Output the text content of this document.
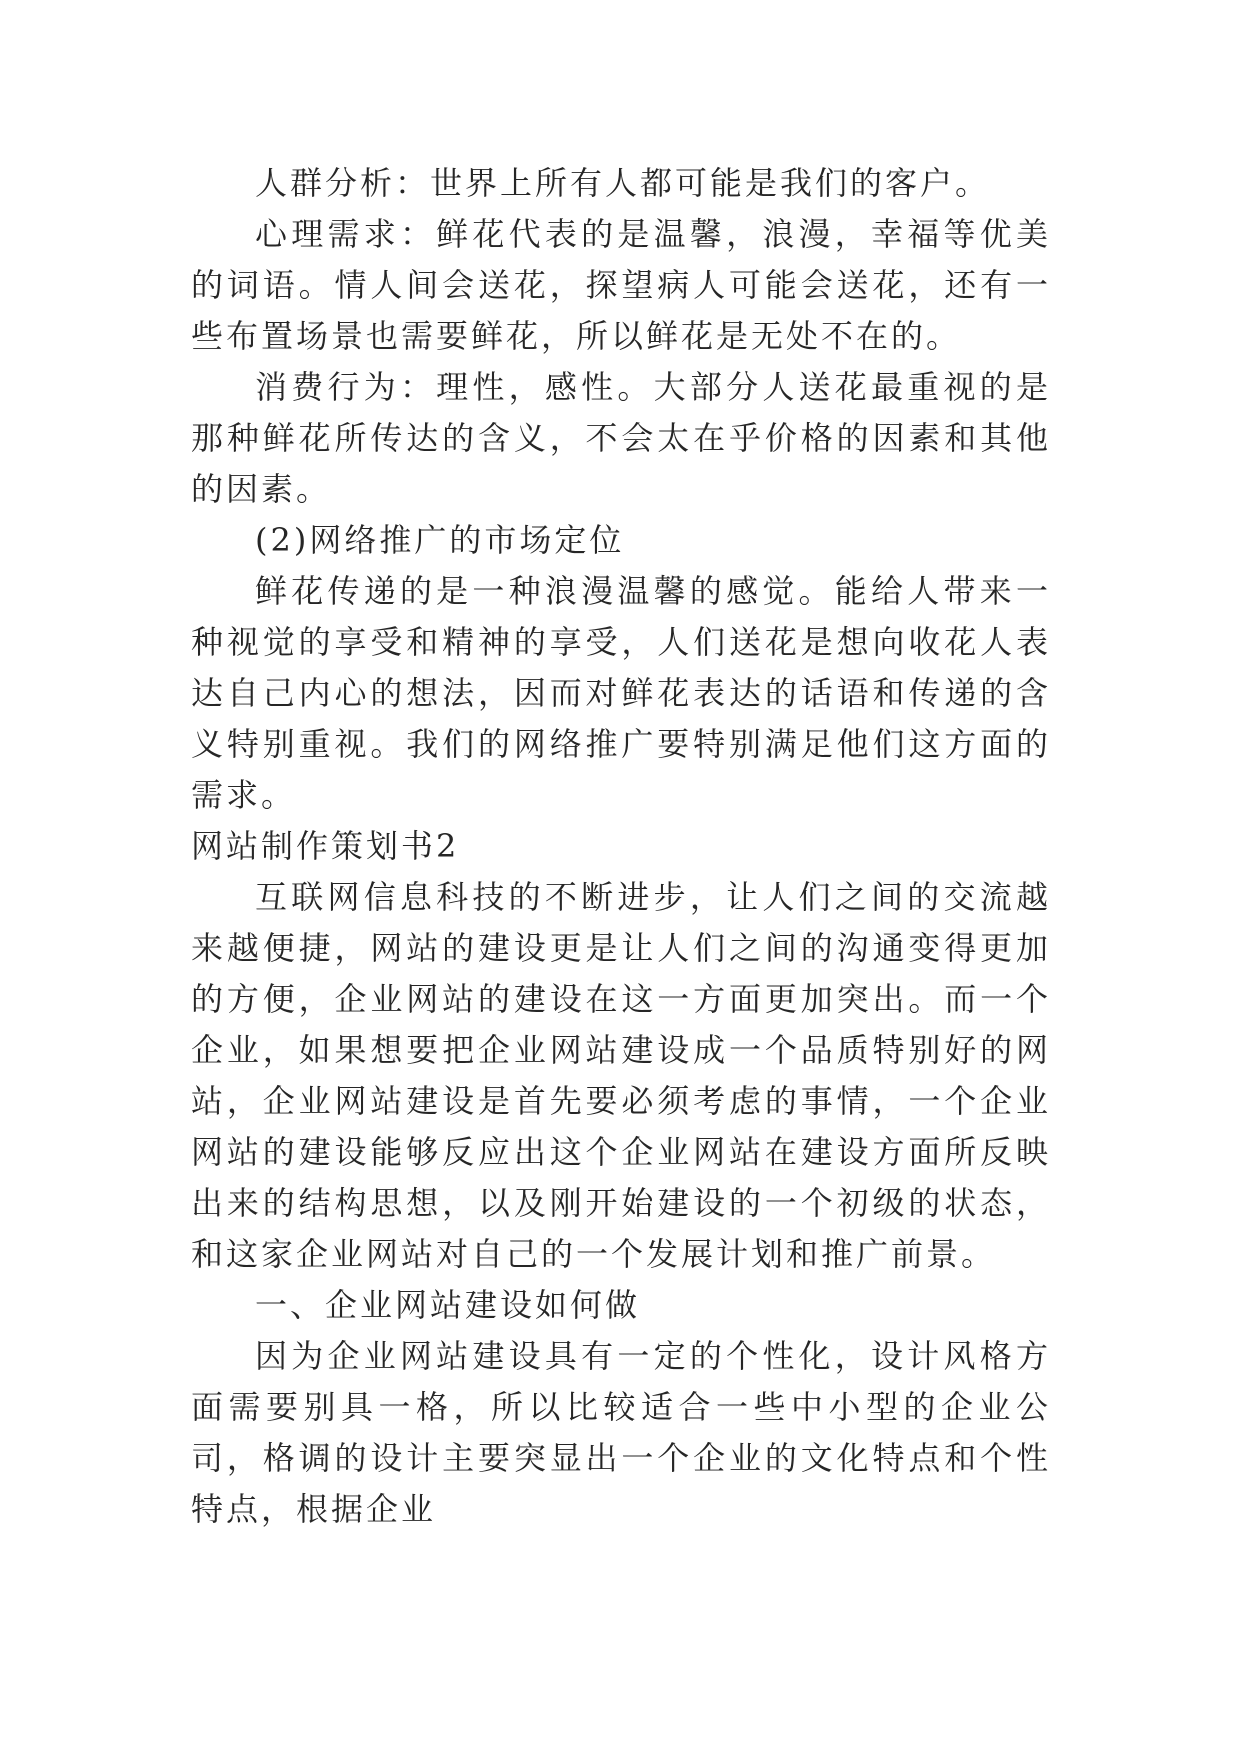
人群分析：世界上所有人都可能是我们的客户。

心理需求：鲜花代表的是温馨，浪漫，幸福等优美的词语。情人间会送花，探望病人可能会送花，还有一些布置场景也需要鲜花，所以鲜花是无处不在的。

消费行为：理性，感性。大部分人送花最重视的是那种鲜花所传达的含义，不会太在乎价格的因素和其他的因素。

(2)网络推广的市场定位

鲜花传递的是一种浪漫温馨的感觉。能给人带来一种视觉的享受和精神的享受，人们送花是想向收花人表达自己内心的想法，因而对鲜花表达的话语和传递的含义特别重视。我们的网络推广要特别满足他们这方面的需求。

网站制作策划书2

互联网信息科技的不断进步，让人们之间的交流越来越便捷，网站的建设更是让人们之间的沟通变得更加的方便，企业网站的建设在这一方面更加突出。而一个企业，如果想要把企业网站建设成一个品质特别好的网站，企业网站建设是首先要必须考虑的事情，一个企业网站的建设能够反应出这个企业网站在建设方面所反映出来的结构思想，以及刚开始建设的一个初级的状态，和这家企业网站对自己的一个发展计划和推广前景。

一、企业网站建设如何做

因为企业网站建设具有一定的个性化，设计风格方面需要别具一格，所以比较适合一些中小型的企业公司，格调的设计主要突显出一个企业的文化特点和个性特点，根据企业
